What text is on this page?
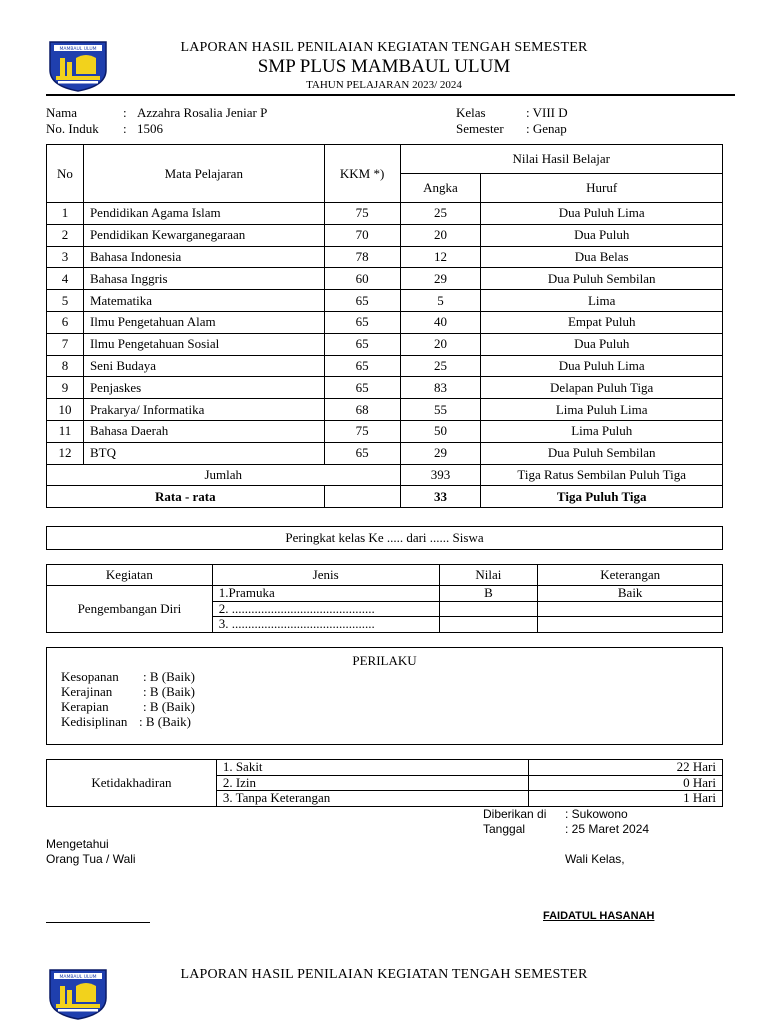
MAMBAUL ULUM	LAPORAN HASIL PENILAIAN KEGIATAN TENGAH SEMESTER
SMP PLUS MAMBAUL ULUM
TAHUN PELAJARAN 2023/ 2024
Nama	: Azzahra Rosalia Jeniar P
No. Induk : 1506
Kelas	: VIII D
Semester : Genap
No	Mata Pelajaran	KKM *)	Nilai Hasil Belajar	
			Angka	Huruf
1	Pendidikan Agama Islam	75	25	Dua Puluh Lima
2	Pendidikan Kewarganegaraan	70	20	Dua Puluh
3	Bahasa Indonesia	78	12	Dua Belas
4	Bahasa Inggris	60	29	Dua Puluh Sembilan
5	Matematika	65	5	Lima
6	Ilmu Pengetahuan Alam	65	40	Empat Puluh
7	Ilmu Pengetahuan Sosial	65	20	Dua Puluh
8	Seni Budaya	65	25	Dua Puluh Lima
9	Penjaskes	65	83	Delapan Puluh Tiga
10	Prakarya/ Informatika	68	55	Lima Puluh Lima
11	Bahasa Daerah	75	50	Lima Puluh
12	BTQ	65	29	Dua Puluh Sembilan
Jumlah			393	Tiga Ratus Sembilan Puluh Tiga
Rata - rata			33	Tiga Puluh Tiga
Peringkat kelas Ke ..... dari ...... Siswa
Kegiatan	Jenis	Nilai	Keterangan
Pengembangan Diri	1.Pramuka	B	Baik
	2. ............................................		
	3. ............................................		
PERILAKU
Kesopanan : B (Baik)
Kerajinan : B (Baik)
Kerapian	: B (Baik)
Kedisiplinan : B (Baik)
Ketidakhadiran	1. Sakit	22 Hari
	2. Izin	0 Hari
	3. Tanpa Keterangan	1 Hari
Diberikan di : Sukowono
Tanggal	: 25 Maret 2024
Mengetahui
Orang Tua / Wali	Wali Kelas,
FAIDATUL HASANAH
MAMBAUL ULUM	LAPORAN HASIL PENILAIAN KEGIATAN TENGAH SEMESTER
